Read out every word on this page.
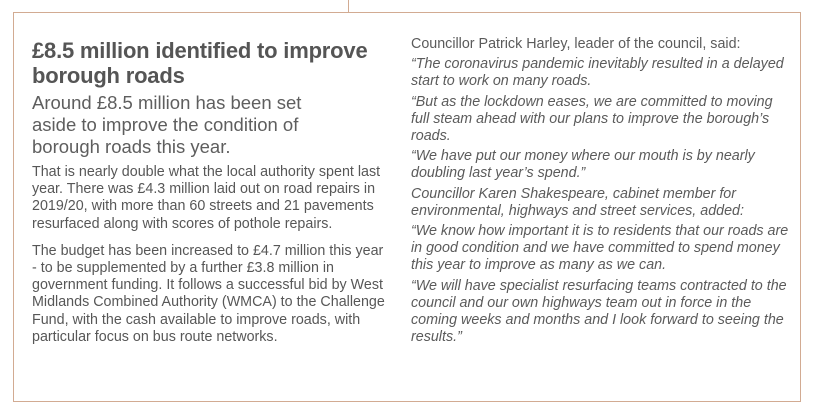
£8.5 million identified to improve borough roads

Around £8.5 million has been set aside to improve the condition of borough roads this year.

That is nearly double what the local authority spent last year. There was £4.3 million laid out on road repairs in 2019/20, with more than 60 streets and 21 pavements resurfaced along with scores of pothole repairs.

The budget has been increased to £4.7 million this year - to be supplemented by a further £3.8 million in government funding. It follows a successful bid by West Midlands Combined Authority (WMCA) to the Challenge Fund, with the cash available to improve roads, with particular focus on bus route networks.

Councillor Patrick Harley, leader of the council, said:

“The coronavirus pandemic inevitably resulted in a delayed start to work on many roads.

“But as the lockdown eases, we are committed to moving full steam ahead with our plans to improve the borough’s roads.

“We have put our money where our mouth is by nearly doubling last year’s spend.”

Councillor Karen Shakespeare, cabinet member for environmental, highways and street services, added:

“We know how important it is to residents that our roads are in good condition and we have committed to spend money this year to improve as many as we can.

“We will have specialist resurfacing teams contracted to the council and our own highways team out in force in the coming weeks and months and I look forward to seeing the results.”
